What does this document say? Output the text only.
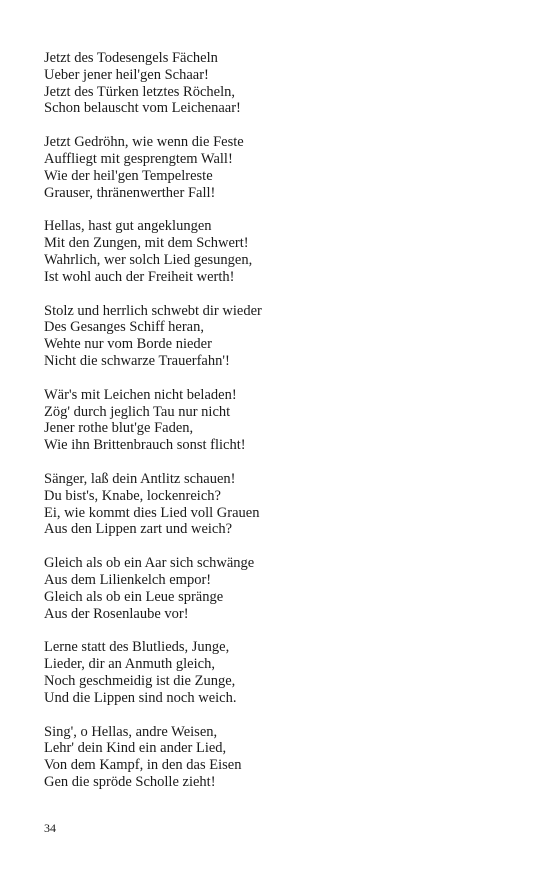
Jetzt des Todesengels Fächeln
Ueber jener heil'gen Schaar!
Jetzt des Türken letztes Röcheln,
Schon belauscht vom Leichenaar!
Jetzt Gedröhn, wie wenn die Feste
Auffliegt mit gesprengtem Wall!
Wie der heil'gen Tempelreste
Grauser, thränenwerther Fall!
Hellas, hast gut angeklungen
Mit den Zungen, mit dem Schwert!
Wahrlich, wer solch Lied gesungen,
Ist wohl auch der Freiheit werth!
Stolz und herrlich schwebt dir wieder
Des Gesanges Schiff heran,
Wehte nur vom Borde nieder
Nicht die schwarze Trauerfahn'!
Wär's mit Leichen nicht beladen!
Zög' durch jeglich Tau nur nicht
Jener rothe blut'ge Faden,
Wie ihn Brittenbrauch sonst flicht!
Sänger, laß dein Antlitz schauen!
Du bist's, Knabe, lockenreich?
Ei, wie kommt dies Lied voll Grauen
Aus den Lippen zart und weich?
Gleich als ob ein Aar sich schwänge
Aus dem Lilienkelch empor!
Gleich als ob ein Leue spränge
Aus der Rosenlaube vor!
Lerne statt des Blutlieds, Junge,
Lieder, dir an Anmuth gleich,
Noch geschmeidig ist die Zunge,
Und die Lippen sind noch weich.
Sing', o Hellas, andre Weisen,
Lehr' dein Kind ein ander Lied,
Von dem Kampf, in den das Eisen
Gen die spröde Scholle zieht!
34
